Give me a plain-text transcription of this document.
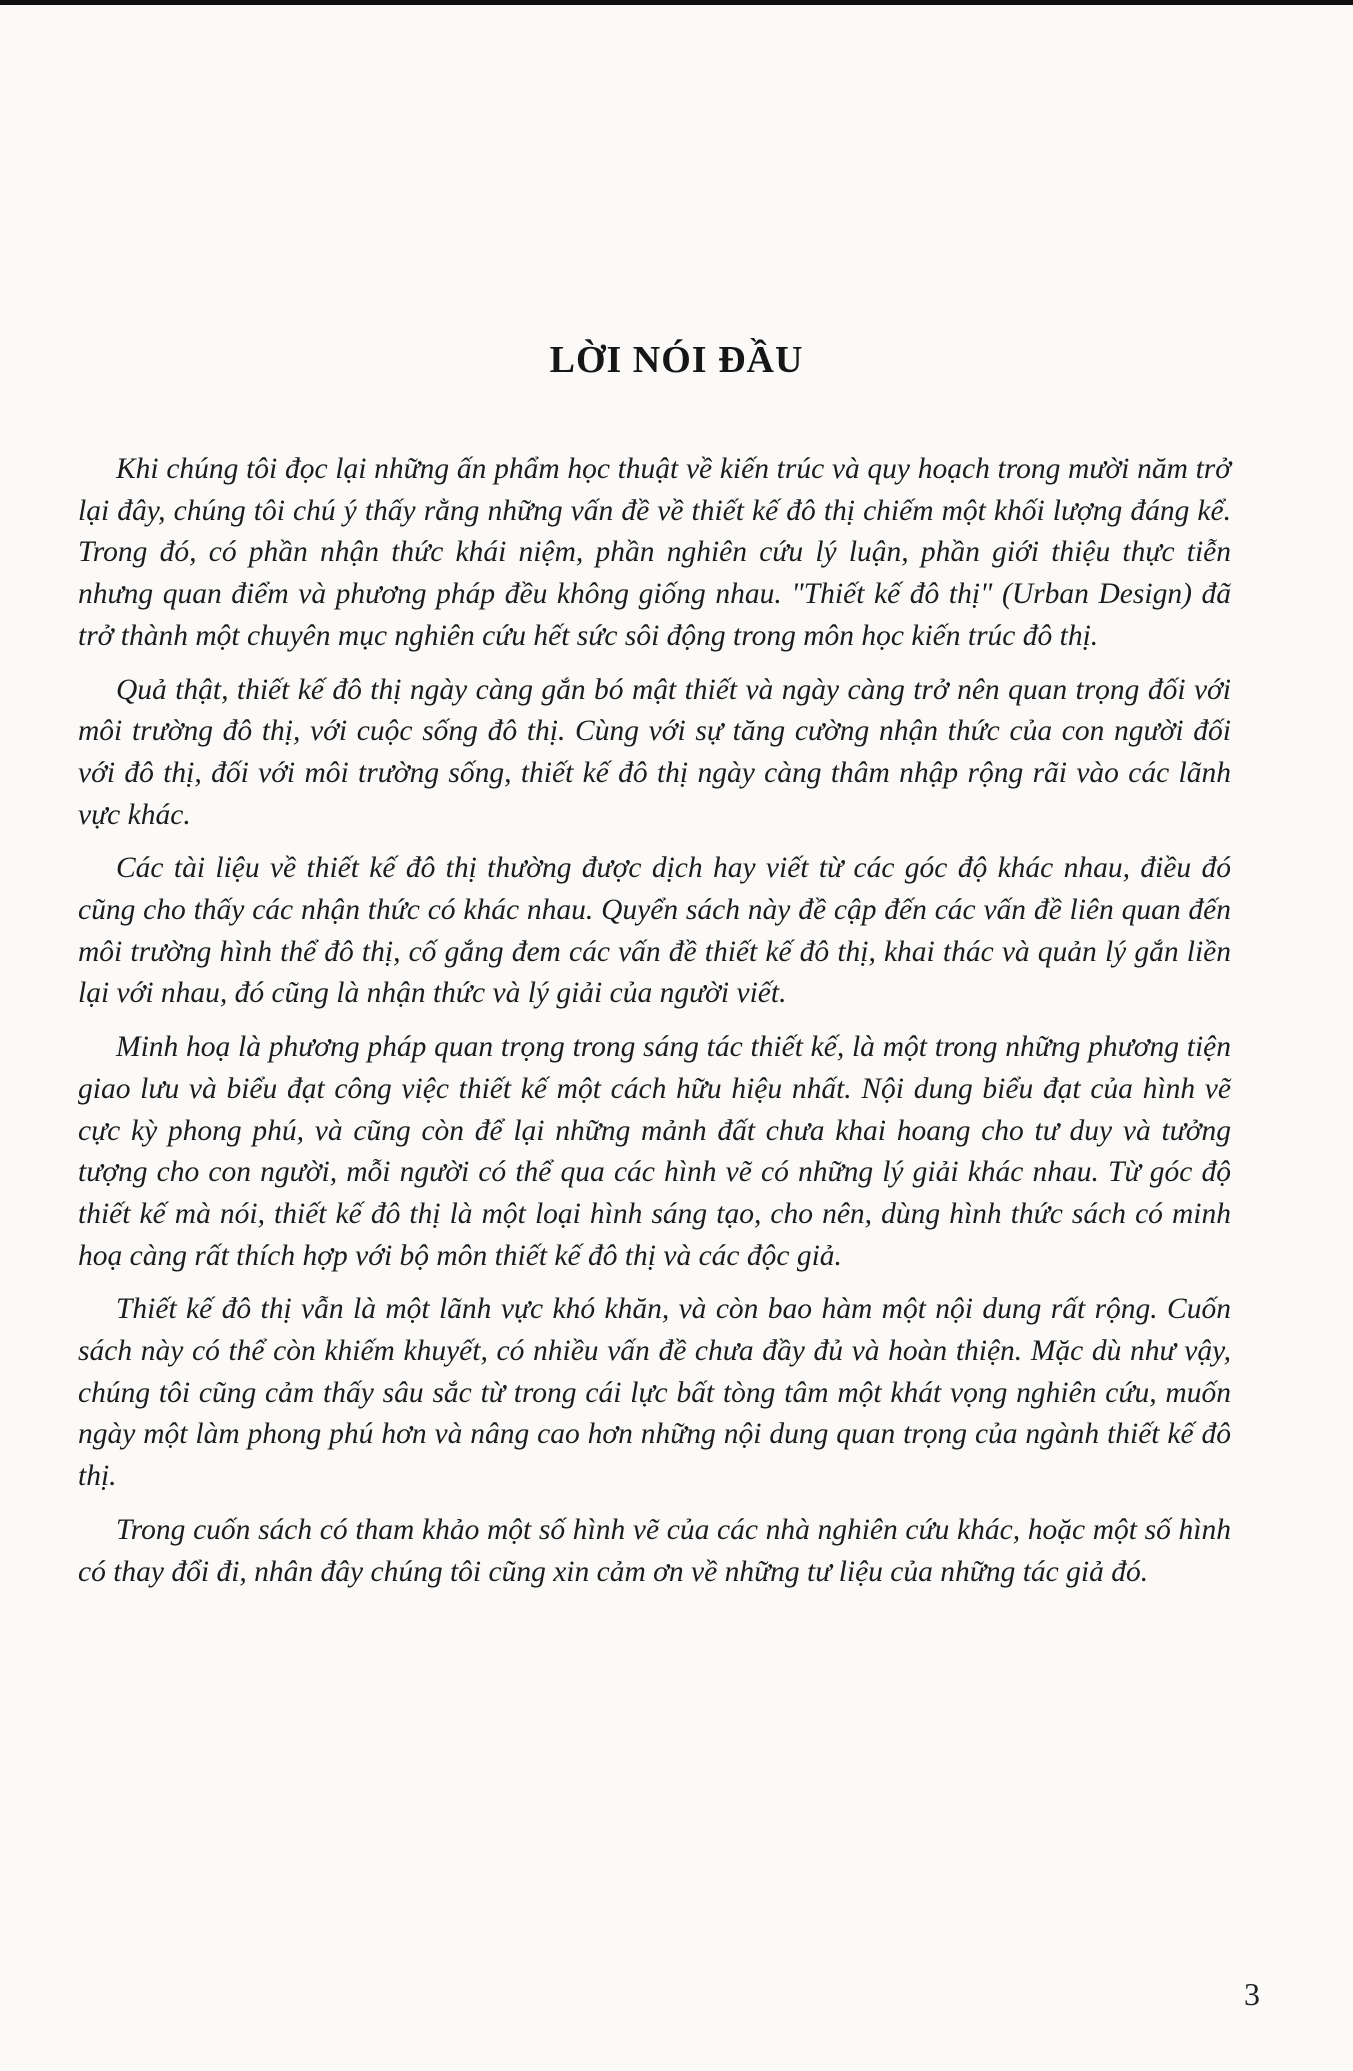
LỜI NÓI ĐẦU

Khi chúng tôi đọc lại những ấn phẩm học thuật về kiến trúc và quy hoạch trong mười năm trở lại đây, chúng tôi chú ý thấy rằng những vấn đề về thiết kế đô thị chiếm một khối lượng đáng kể. Trong đó, có phần nhận thức khái niệm, phần nghiên cứu lý luận, phần giới thiệu thực tiễn nhưng quan điểm và phương pháp đều không giống nhau. "Thiết kế đô thị" (Urban Design) đã trở thành một chuyên mục nghiên cứu hết sức sôi động trong môn học kiến trúc đô thị.

Quả thật, thiết kế đô thị ngày càng gắn bó mật thiết và ngày càng trở nên quan trọng đối với môi trường đô thị, với cuộc sống đô thị. Cùng với sự tăng cường nhận thức của con người đối với đô thị, đối với môi trường sống, thiết kế đô thị ngày càng thâm nhập rộng rãi vào các lãnh vực khác.

Các tài liệu về thiết kế đô thị thường được dịch hay viết từ các góc độ khác nhau, điều đó cũng cho thấy các nhận thức có khác nhau. Quyển sách này đề cập đến các vấn đề liên quan đến môi trường hình thể đô thị, cố gắng đem các vấn đề thiết kế đô thị, khai thác và quản lý gắn liền lại với nhau, đó cũng là nhận thức và lý giải của người viết.

Minh hoạ là phương pháp quan trọng trong sáng tác thiết kế, là một trong những phương tiện giao lưu và biểu đạt công việc thiết kế một cách hữu hiệu nhất. Nội dung biểu đạt của hình vẽ cực kỳ phong phú, và cũng còn để lại những mảnh đất chưa khai hoang cho tư duy và tưởng tượng cho con người, mỗi người có thể qua các hình vẽ có những lý giải khác nhau. Từ góc độ thiết kế mà nói, thiết kế đô thị là một loại hình sáng tạo, cho nên, dùng hình thức sách có minh hoạ càng rất thích hợp với bộ môn thiết kế đô thị và các độc giả.

Thiết kế đô thị vẫn là một lãnh vực khó khăn, và còn bao hàm một nội dung rất rộng. Cuốn sách này có thể còn khiếm khuyết, có nhiều vấn đề chưa đầy đủ và hoàn thiện. Mặc dù như vậy, chúng tôi cũng cảm thấy sâu sắc từ trong cái lực bất tòng tâm một khát vọng nghiên cứu, muốn ngày một làm phong phú hơn và nâng cao hơn những nội dung quan trọng của ngành thiết kế đô thị.

Trong cuốn sách có tham khảo một số hình vẽ của các nhà nghiên cứu khác, hoặc một số hình có thay đổi đi, nhân đây chúng tôi cũng xin cảm ơn về những tư liệu của những tác giả đó.

3
